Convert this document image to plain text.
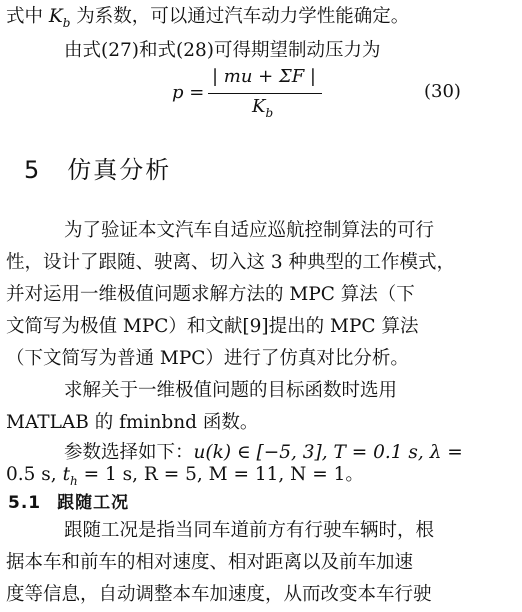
式中 $K_b$ 为系数，可以通过汽车动力学性能确定。
由式(27)和式(28)可得期望制动压力为
p =
| mu + ΣF |
$K_b$
(30)
5 仿真分析
为了验证本文汽车自适应巡航控制算法的可行
性，设计了跟随、驶离、切入这 3 种典型的工作模式，
并对运用一维极值问题求解方法的 MPC 算法（下
文简写为极值 MPC）和文献[9]提出的 MPC 算法
（下文简写为普通 MPC）进行了仿真对比分析。
求解关于一维极值问题的目标函数时选用
MATLAB 的 fminbnd 函数。
参数选择如下：u(k) ∈ [−5, 3], T = 0.1 s, λ =
0.5 s, $t_h = 1$ s, R = 5, M = 11, N = 1。
5.1 跟随工况
跟随工况是指当同车道前方有行驶车辆时，根
据本车和前车的相对速度、相对距离以及前车加速
度等信息，自动调整本车加速度，从而改变本车行驶
